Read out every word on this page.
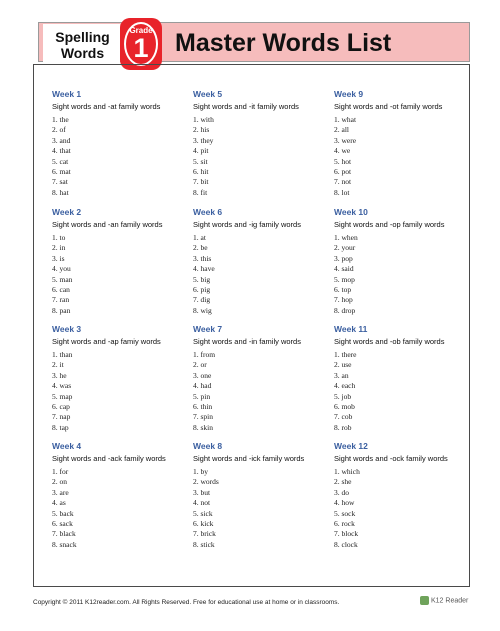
Spelling
Words
Grade
1	Master Words List
Week 1
Sight words and -at family words
1. the
2. of
3. and
4. that
5. cat
6. mat
7. sat
8. hat
Week 5
Sight words and -it family words
1. with
2. his
3. they
4. pit
5. sit
6. hit
7. bit
8. fit
Week 9
Sight words and -ot family words
1. what
2. all
3. were
4. we
5. hot
6. pot
7. not
8. lot
Week 2
Sight words and -an family words
1. to
2. in
3. is
4. you
5. man
6. can
7. ran
8. pan
Week 6
Sight words and -ig family words
1. at
2. be
3. this
4. have
5. big
6. pig
7. dig
8. wig
Week 10
Sight words and -op family words
1. when
2. your
3. pop
4. said
5. mop
6. top
7. hop
8. drop
Week 3
Sight words and -ap famiy words
1. than
2. it
3. he
4. was
5. map
6. cap
7. nap
8. tap
Week 7
Sight words and -in family words
1. from
2. or
3. one
4. had
5. pin
6. thin
7. spin
8. skin
Week 11
Sight words and -ob family words
1. there
2. use
3. an
4. each
5. job
6. mob
7. cob
8. rob
Week 4
Sight words and -ack family words
1. for
2. on
3. are
4. as
5. back
6. sack
7. black
8. snack
Week 8
Sight words and -ick family words
1. by
2. words
3. but
4. not
5. sick
6. kick
7. brick
8. stick
Week 12
Sight words and -ock family words
1. which
2. she
3. do
4. how
5. sock
6. rock
7. block
8. clock
Copyright © 2011 K12reader.com. All Rights Reserved. Free for educational use at home or in classrooms.	K12 Reader
